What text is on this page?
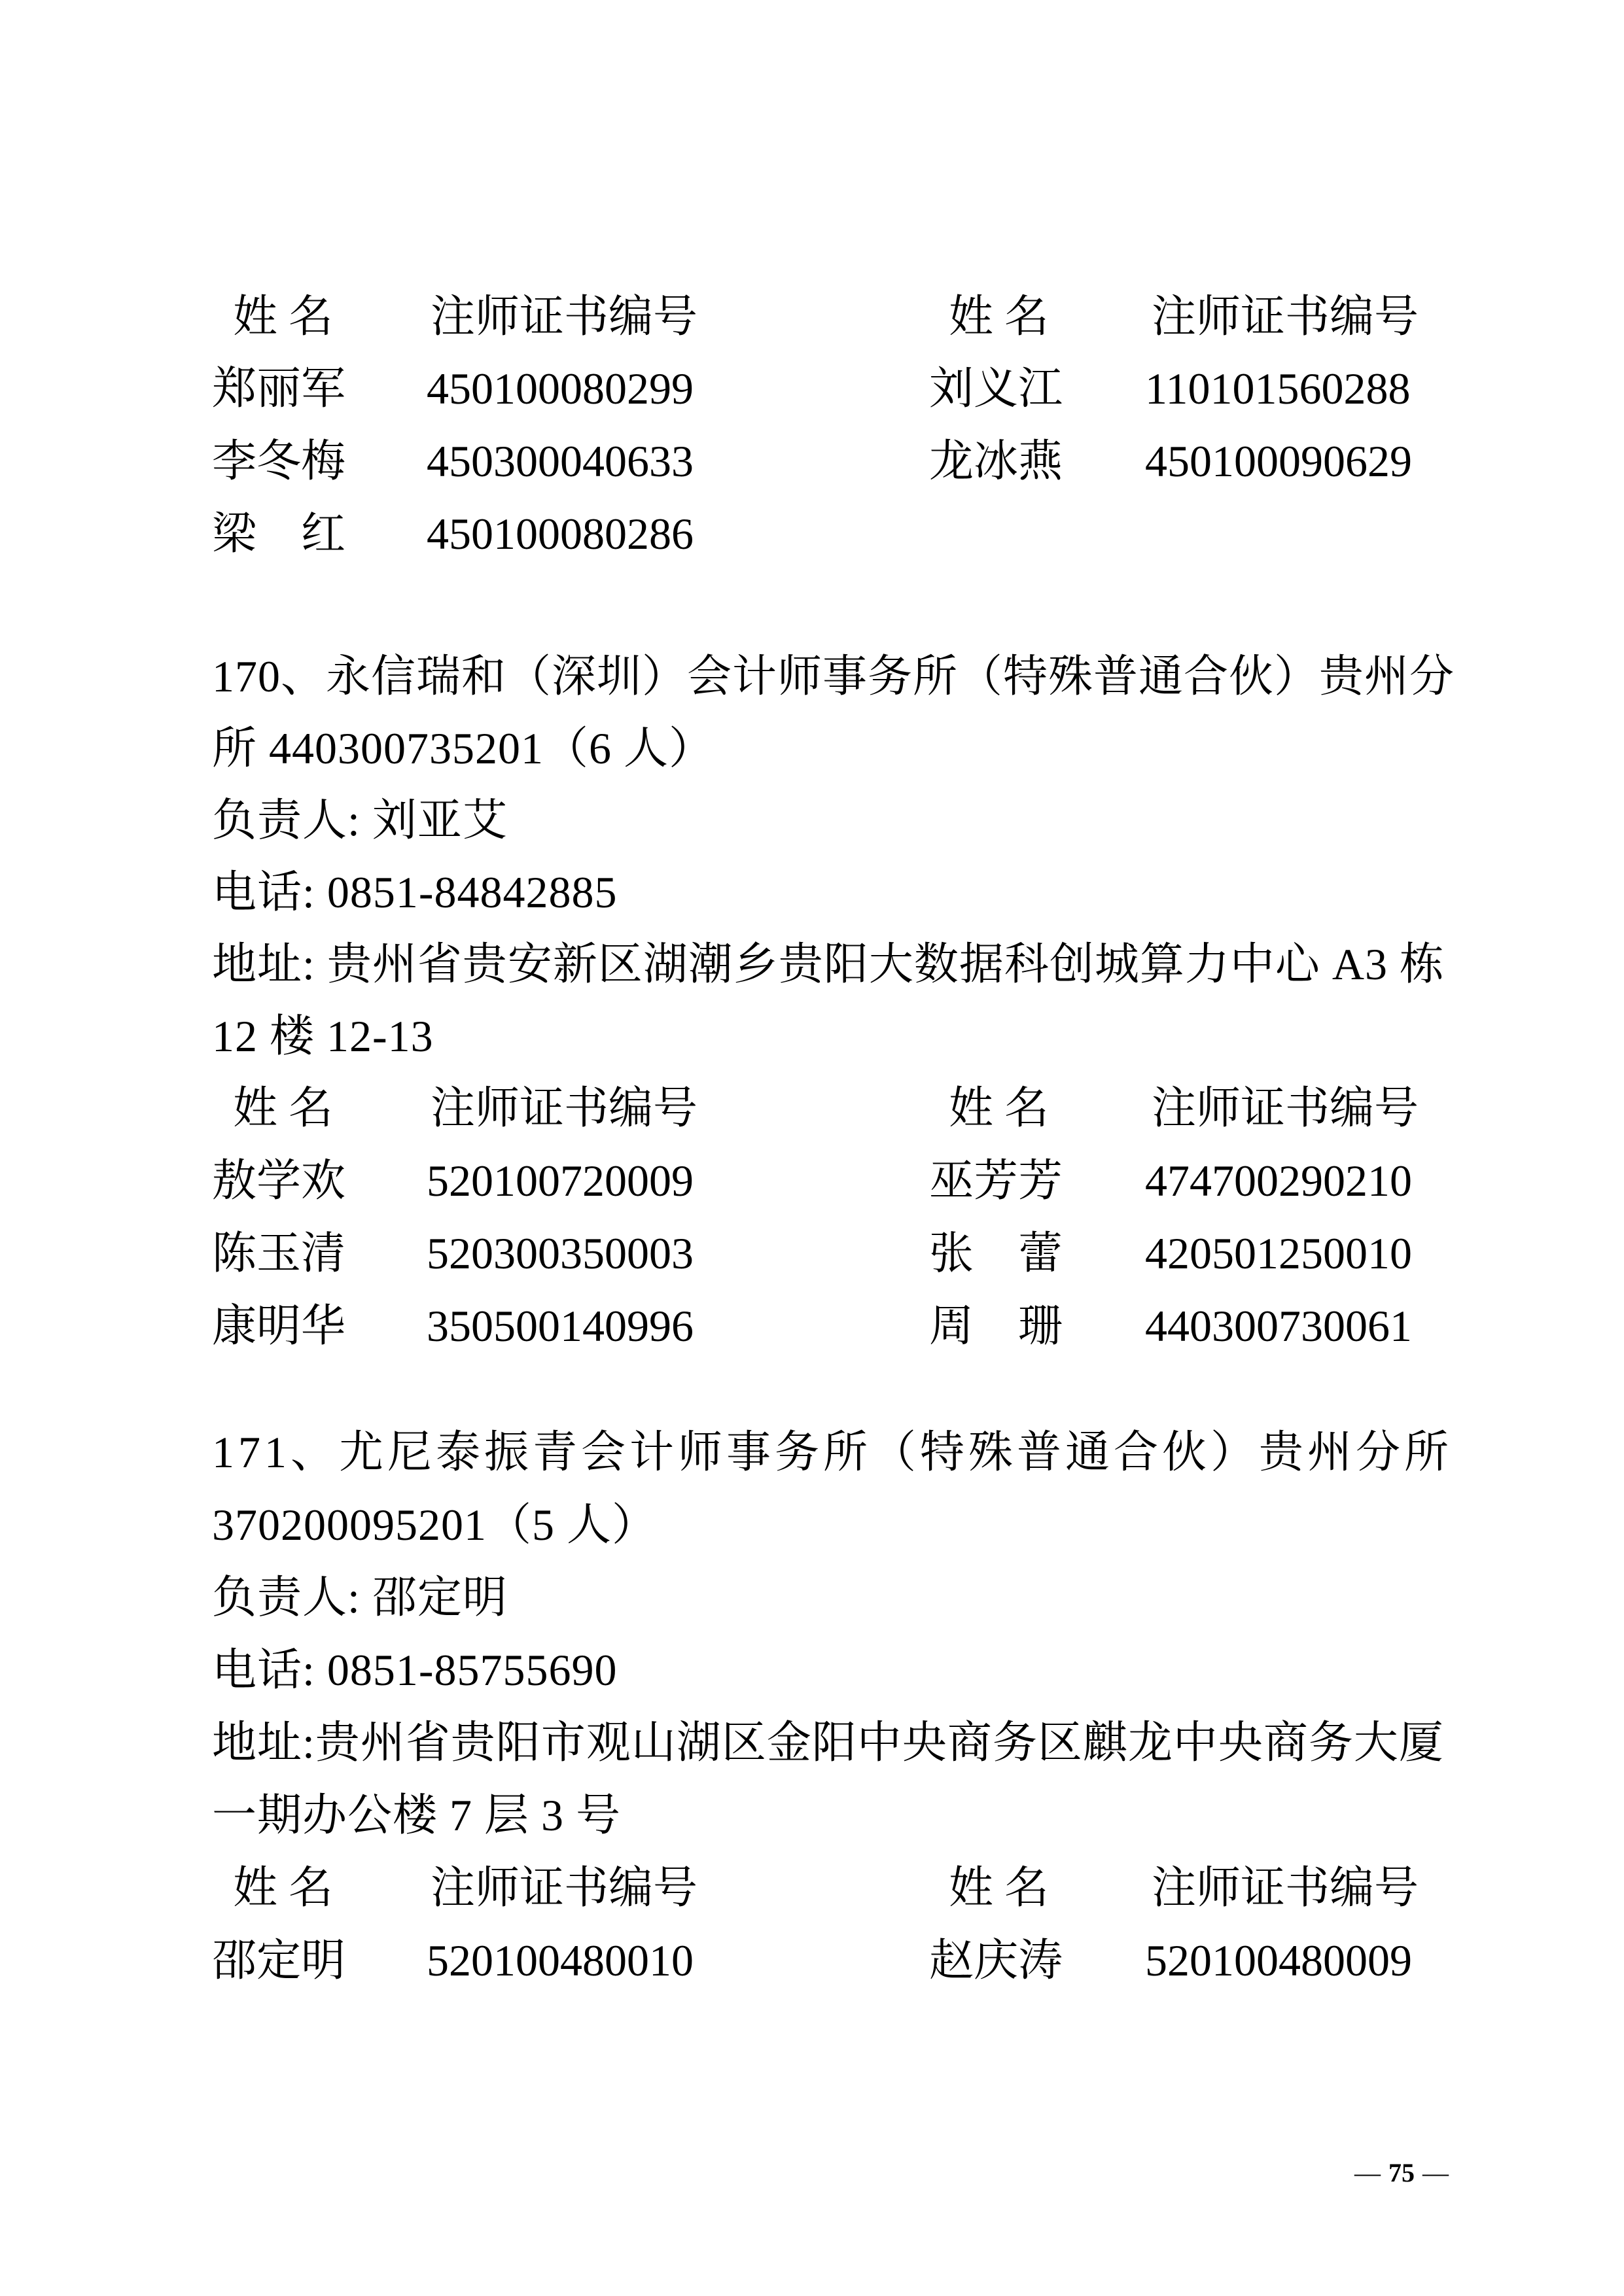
姓 名 注师证书编号	姓 名 注师证书编号
郑丽军 450100080299	刘义江 110101560288
李冬梅 450300040633	龙冰燕 450100090629
梁　红 450100080286
170、永信瑞和（深圳）会计师事务所（特殊普通合伙）贵州分
所 440300735201（6 人）
负责人: 刘亚艾
电话: 0851-84842885
地址: 贵州省贵安新区湖潮乡贵阳大数据科创城算力中心 A3 栋
12 楼 12-13
姓 名 注师证书编号	姓 名 注师证书编号
敖学欢 520100720009	巫芳芳 474700290210
陈玉清 520300350003	张　蕾 420501250010
康明华 350500140996	周　珊 440300730061
171、尤尼泰振青会计师事务所（特殊普通合伙）贵州分所
370200095201（5 人）
负责人: 邵定明
电话: 0851-85755690
地址:贵州省贵阳市观山湖区金阳中央商务区麒龙中央商务大厦
一期办公楼 7 层 3 号
姓 名 注师证书编号	姓 名 注师证书编号
邵定明 520100480010	赵庆涛 520100480009

— 75 —
